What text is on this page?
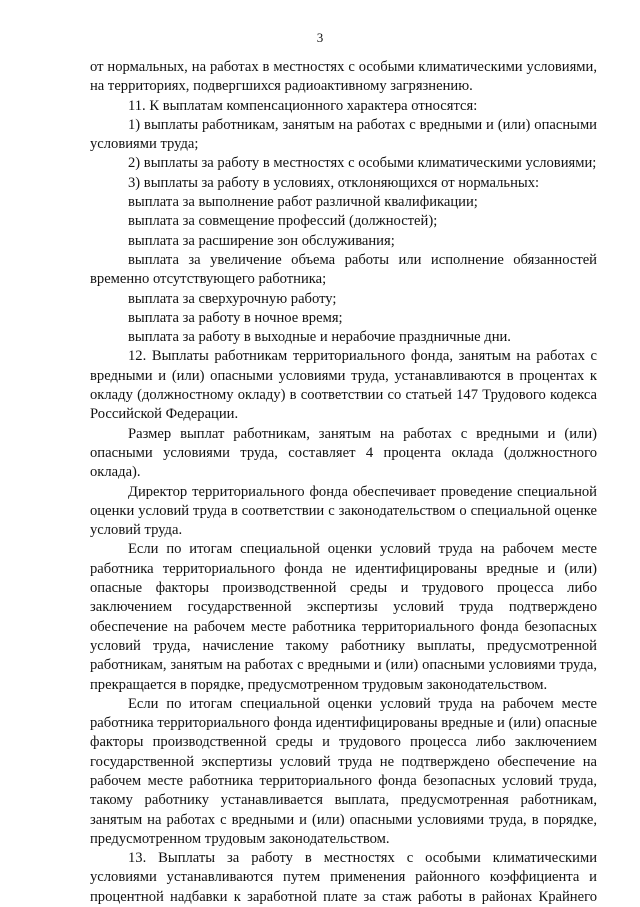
3

от нормальных, на работах в местностях с особыми климатическими условиями, на территориях, подвергшихся радиоактивному загрязнению.

11. К выплатам компенсационного характера относятся:

1) выплаты работникам, занятым на работах с вредными и (или) опасными условиями труда;

2) выплаты за работу в местностях с особыми климатическими условиями;

3) выплаты за работу в условиях, отклоняющихся от нормальных:

выплата за выполнение работ различной квалификации;

выплата за совмещение профессий (должностей);

выплата за расширение зон обслуживания;

выплата за увеличение объема работы или исполнение обязанностей временно отсутствующего работника;

выплата за сверхурочную работу;

выплата за работу в ночное время;

выплата за работу в выходные и нерабочие праздничные дни.

12. Выплаты работникам территориального фонда, занятым на работах с вредными и (или) опасными условиями труда, устанавливаются в процентах к окладу (должностному окладу) в соответствии со статьей 147 Трудового кодекса Российской Федерации.

Размер выплат работникам, занятым на работах с вредными и (или) опасными условиями труда, составляет 4 процента оклада (должностного оклада).

Директор территориального фонда обеспечивает проведение специальной оценки условий труда в соответствии с законодательством о специальной оценке условий труда.

Если по итогам специальной оценки условий труда на рабочем месте работника территориального фонда не идентифицированы вредные и (или) опасные факторы производственной среды и трудового процесса либо заключением государственной экспертизы условий труда подтверждено обеспечение на рабочем месте работника территориального фонда безопасных условий труда, начисление такому работнику выплаты, предусмотренной работникам, занятым на работах с вредными и (или) опасными условиями труда, прекращается в порядке, предусмотренном трудовым законодательством.

Если по итогам специальной оценки условий труда на рабочем месте работника территориального фонда идентифицированы вредные и (или) опасные факторы производственной среды и трудового процесса либо заключением государственной экспертизы условий труда не подтверждено обеспечение на рабочем месте работника территориального фонда безопасных условий труда, такому работнику устанавливается выплата, предусмотренная работникам, занятым на работах с вредными и (или) опасными условиями труда, в порядке, предусмотренном трудовым законодательством.

13. Выплаты за работу в местностях с особыми климатическими условиями устанавливаются путем применения районного коэффициента и процентной надбавки к заработной плате за стаж работы в районах Крайнего
